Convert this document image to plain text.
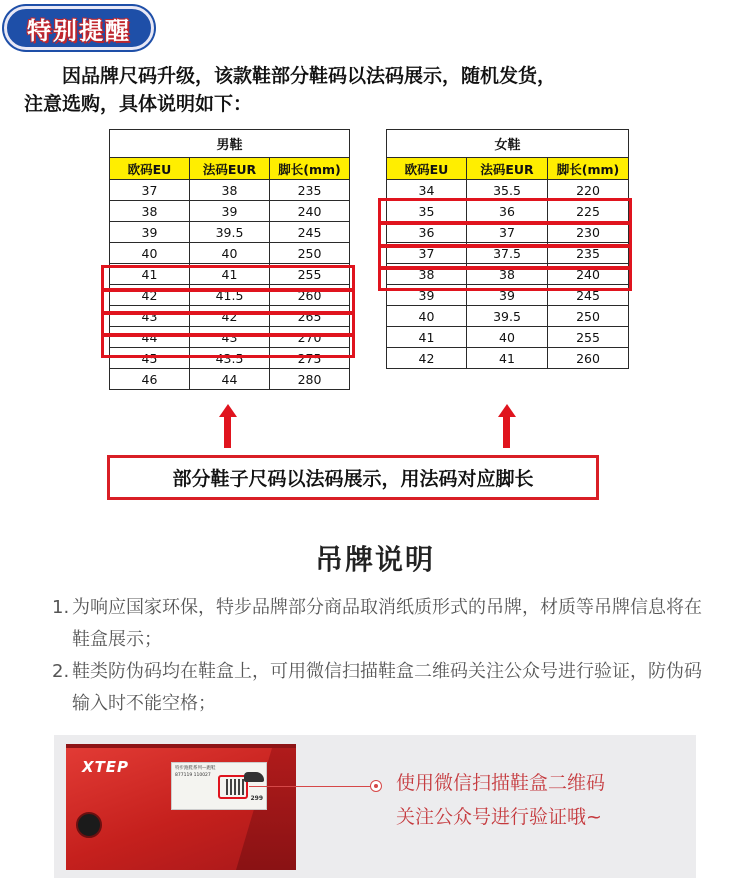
特别提醒
因品牌尺码升级，该款鞋部分鞋码以法码展示，随机发货，
注意选购，具体说明如下：
男鞋		
欧码EU	法码EUR	脚长(mm)
37	38	235
38	39	240
39	39.5	245
40	40	250
41	41	255
42	41.5	260
43	42	265
44	43	270
45	43.5	275
46	44	280
女鞋		
欧码EU	法码EUR	脚长(mm)
34	35.5	220
35	36	225
36	37	230
37	37.5	235
38	38	240
39	39	245
40	39.5	250
41	40	255
42	41	260
部分鞋子尺码以法码展示，用法码对应脚长
吊牌说明
1. 为响应国家环保，特步品牌部分商品取消纸质形式的吊牌，材质等吊牌信息将在鞋盒展示；
2. 鞋类防伪码均在鞋盒上，可用微信扫描鞋盒二维码关注公众号进行验证，防伪码输入时不能空格；
XTEP	特步跑鞋系列—跑鞋
877119 110027
299
使用微信扫描鞋盒二维码
关注公众号进行验证哦~
